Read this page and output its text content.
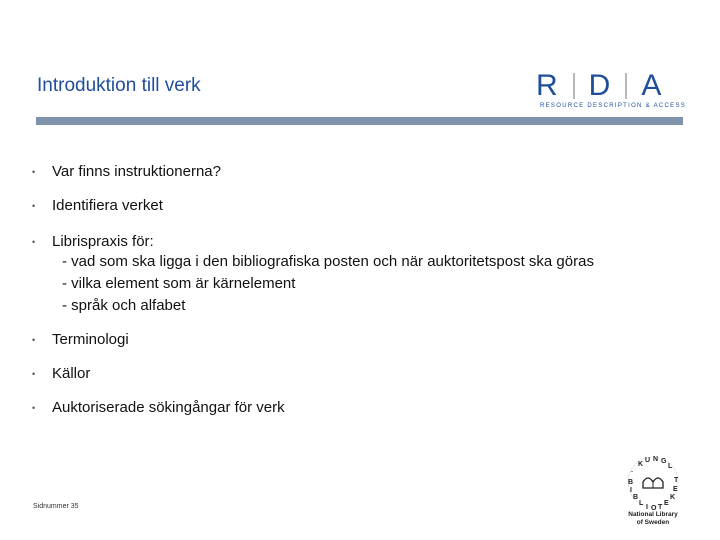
Introduktion till verk	R D A
RESOURCE DESCRIPTION & ACCESS
• Var finns instruktionerna?
• Identifiera verket
• Librispraxis för:
- vad som ska ligga i den bibliografiska posten och när auktoritetspost ska göras
- vilka element som är kärnelement
- språk och alfabet
• Terminologi
• Källor
• Auktoriserade sökingångar för verk
Sidnummer 35
K
U N G
L
·
B
I
B
L
I O T
E
K
E
T
National Library
of Sweden
